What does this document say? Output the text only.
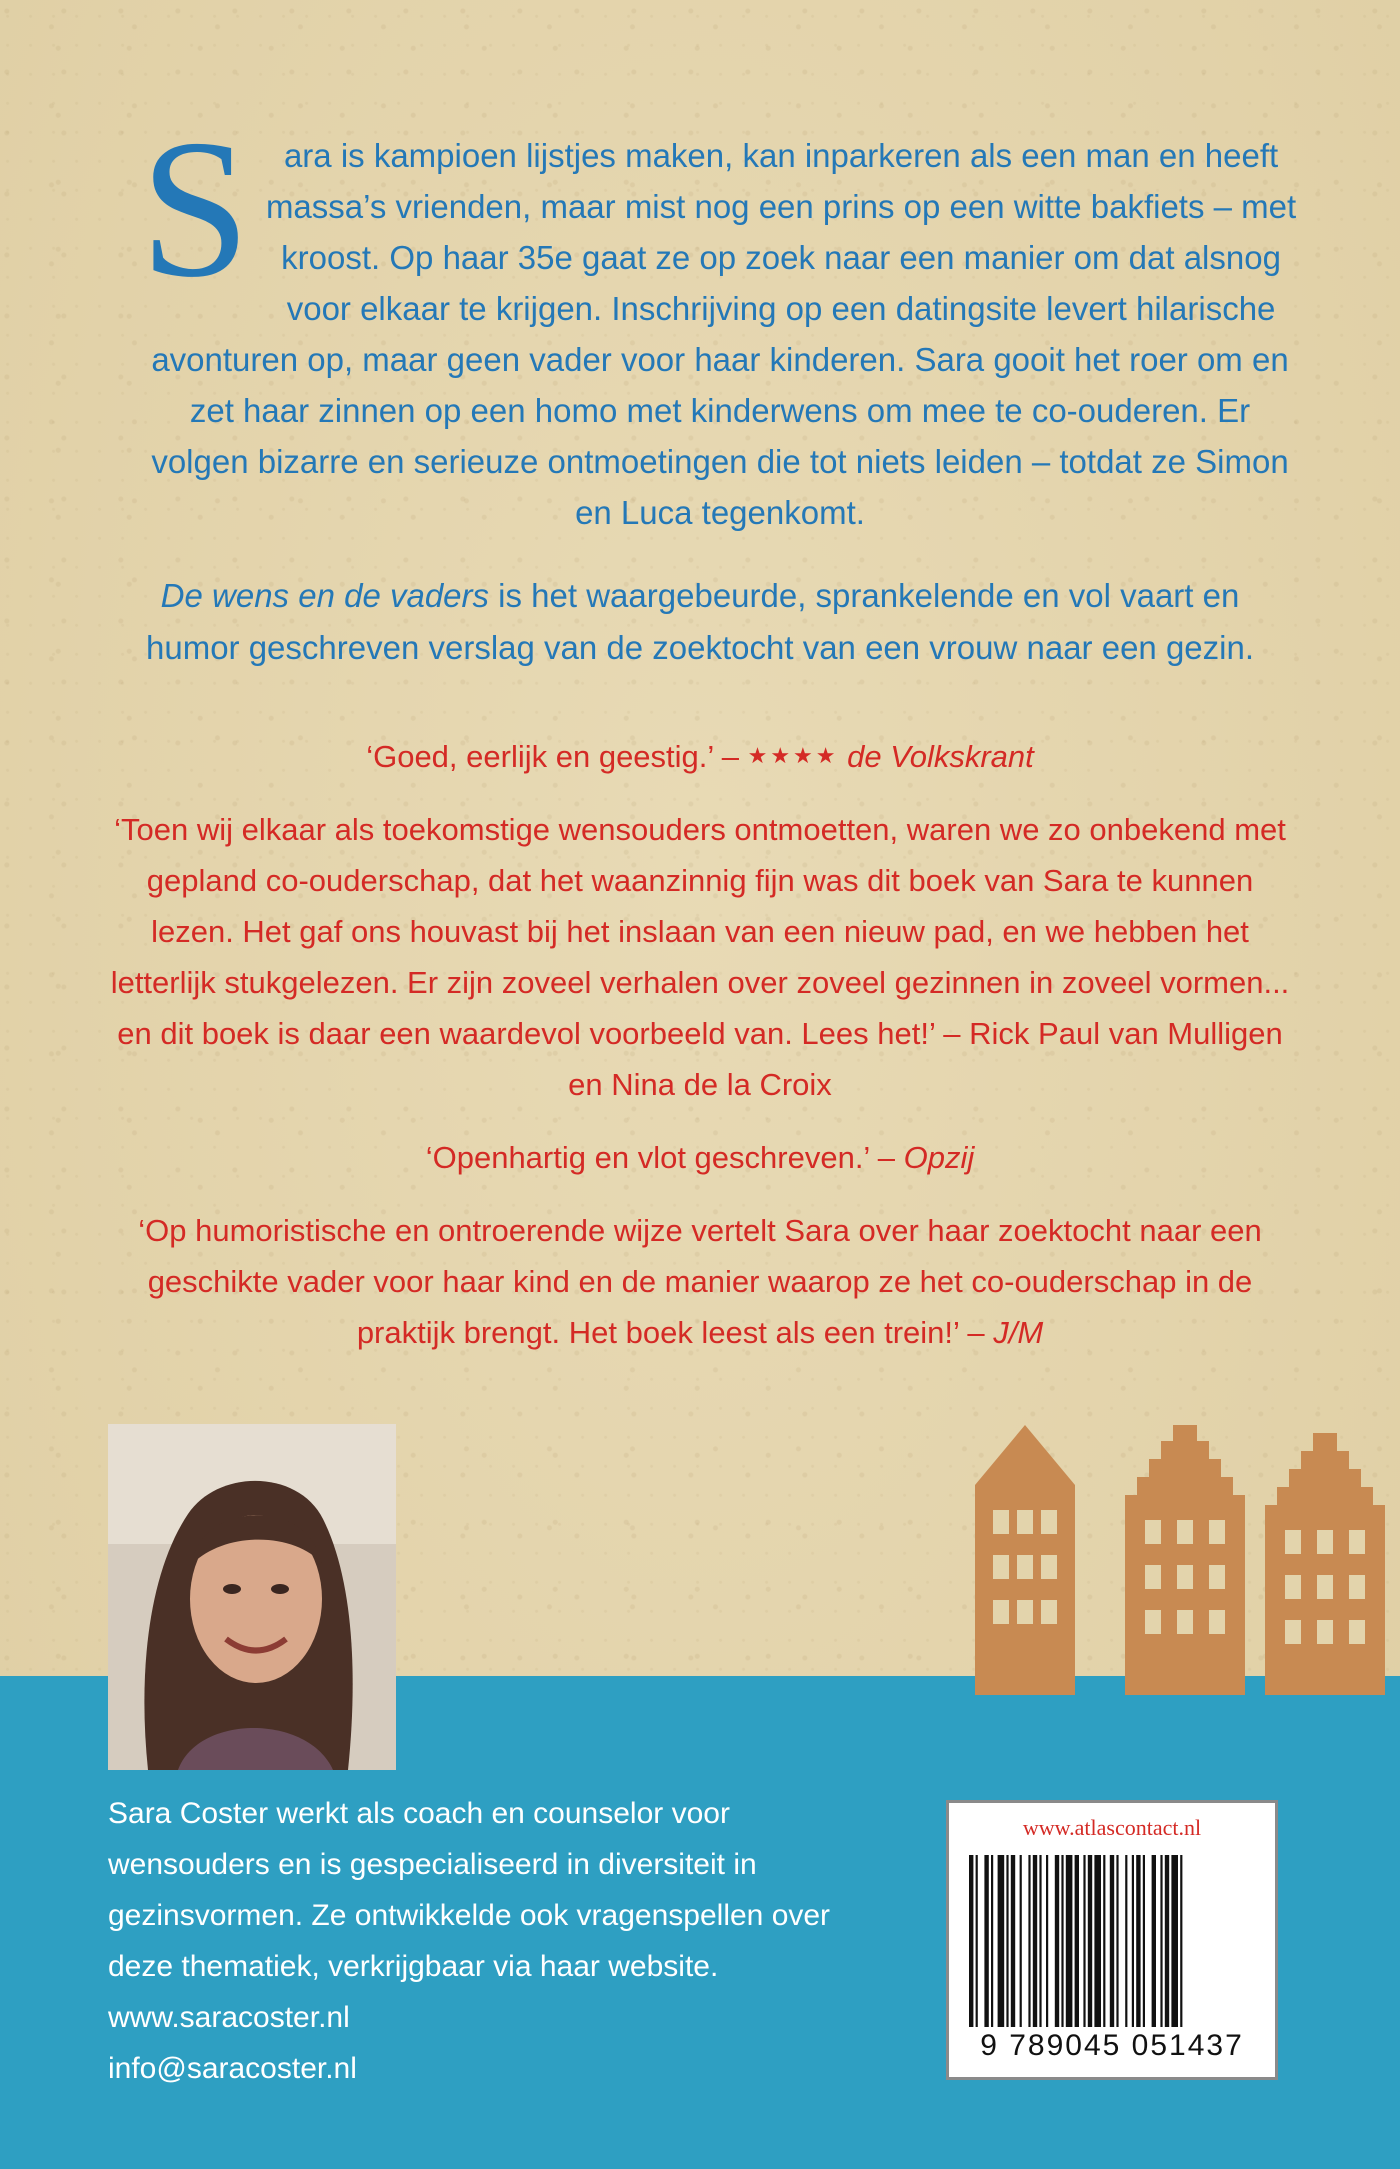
S	ara is kampioen lijstjes maken, kan inparkeren als een man en heeft massa’s vrienden, maar mist nog een prins op een witte bakfiets – met kroost. Op haar 35e gaat ze op zoek naar een manier om dat alsnog voor elkaar te krijgen. Inschrijving op een datingsite levert hilarische avonturen op, maar geen vader voor haar kinderen. Sara gooit het roer om en zet haar zinnen op een homo met kinderwens om mee te co-ouderen. Er volgen bizarre en serieuze ontmoetingen die tot niets leiden – totdat ze Simon en Luca tegenkomt.

De wens en de vaders is het waargebeurde, sprankelende en vol vaart en humor geschreven verslag van de zoektocht van een vrouw naar een gezin.

‘Goed, eerlijk en geestig.’ – ★★★★ de Volkskrant

‘Toen wij elkaar als toekomstige wensouders ontmoetten, waren we zo onbekend met gepland co-ouderschap, dat het waanzinnig fijn was dit boek van Sara te kunnen lezen. Het gaf ons houvast bij het inslaan van een nieuw pad, en we hebben het letterlijk stukgelezen. Er zijn zoveel verhalen over zoveel gezinnen in zoveel vormen... en dit boek is daar een waardevol voorbeeld van. Lees het!’ – Rick Paul van Mulligen en Nina de la Croix

‘Openhartig en vlot geschreven.’ – Opzij

‘Op humoristische en ontroerende wijze vertelt Sara over haar zoektocht naar een geschikte vader voor haar kind en de manier waarop ze het co-ouderschap in de praktijk brengt. Het boek leest als een trein!’ – J/M

Sara Coster werkt als coach en counselor voor wensouders en is gespecialiseerd in diversiteit in gezinsvormen. Ze ontwikkelde ook vragenspellen over deze thematiek, verkrijgbaar via haar website.

www.saracoster.nl

info@saracoster.nl

www.atlascontact.nl
9 789045 051437
